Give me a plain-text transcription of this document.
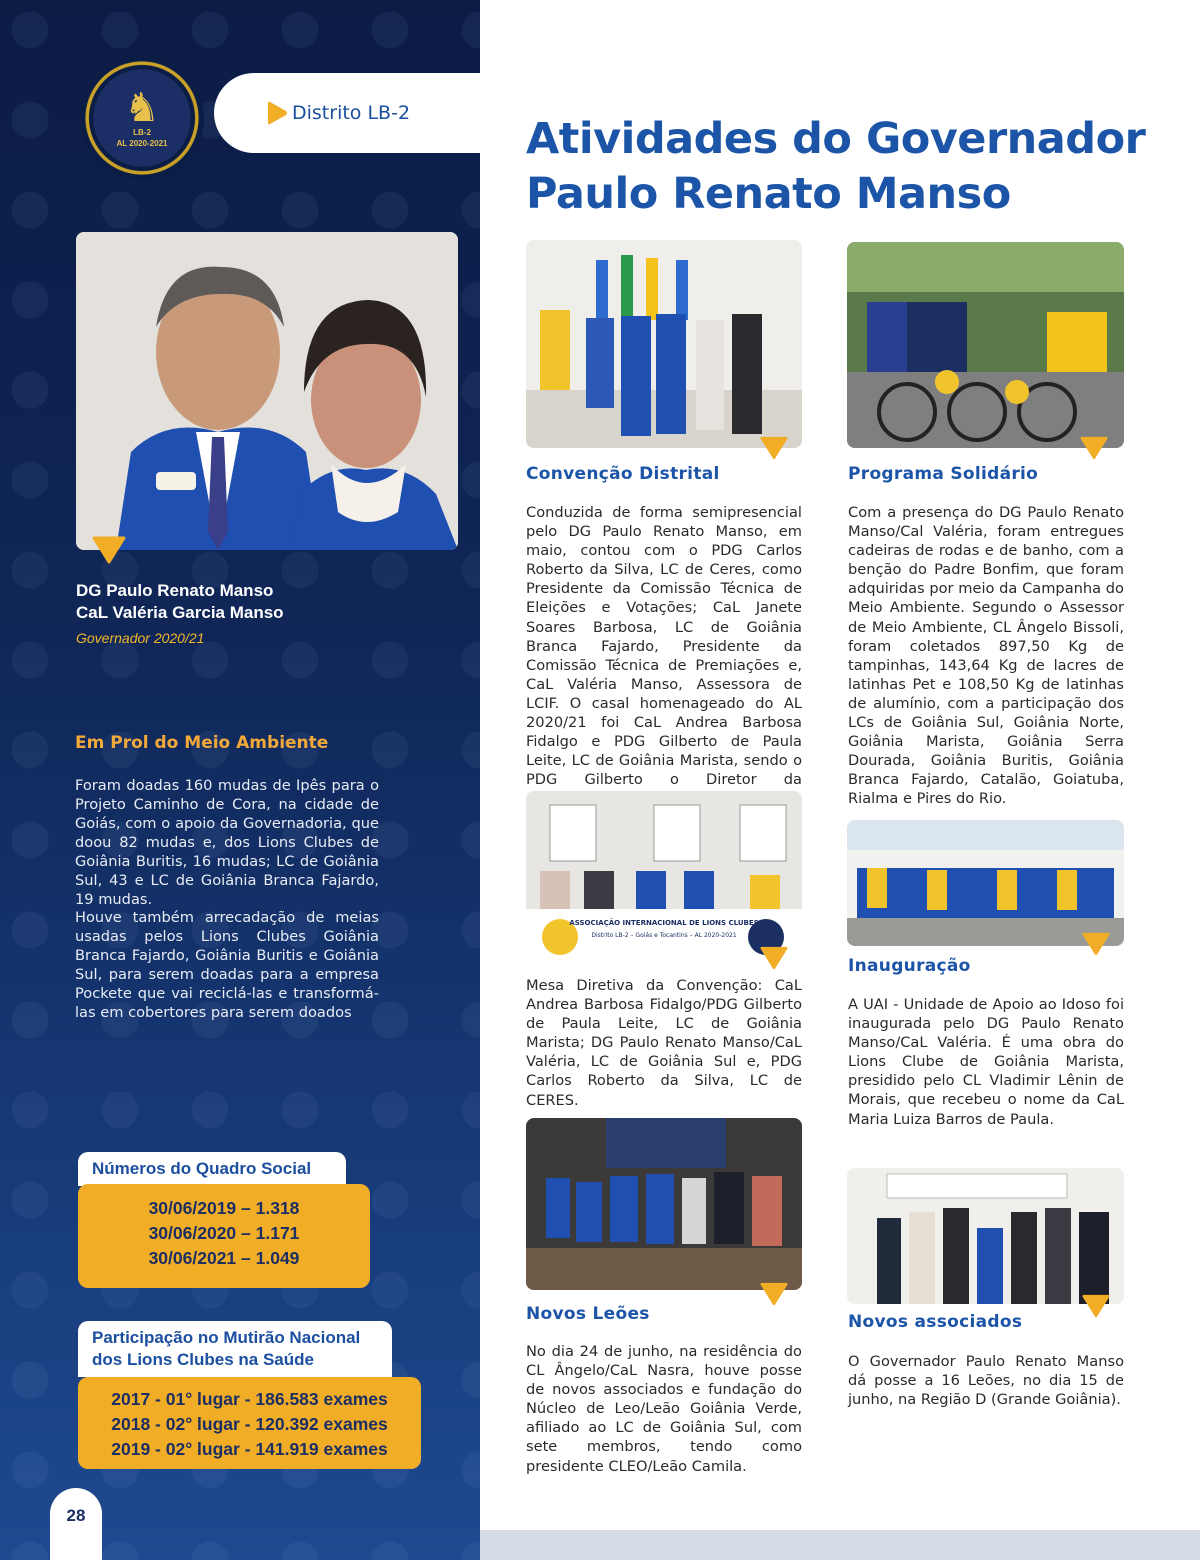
♞
LB-2
AL 2020-2021
DG Paulo Renato Manso
CaL Valéria Garcia Manso
Governador 2020/21
Em Prol do Meio Ambiente
Foram doadas 160 mudas de Ipês para o Projeto Caminho de Cora, na cidade de Goiás, com o apoio da Governadoria, que doou 82 mudas e, dos Lions Clubes de Goiânia Buritis, 16 mudas; LC de Goiânia Sul, 43 e LC de Goiânia Branca Fajardo, 19 mudas.
Houve também arrecadação de meias usadas pelos Lions Clubes Goiânia Branca Fajardo, Goiânia Buritis e Goiânia Sul, para serem doadas para a empresa Pockete que vai reciclá-las e transformá-las em cobertores para serem doados
Números do Quadro Social
30/06/2019 – 1.318
30/06/2020 – 1.171
30/06/2021 – 1.049
Participação no Mutirão Nacional
dos Lions Clubes na Saúde
2017 - 01° lugar - 186.583 exames
2018 - 02° lugar - 120.392 exames
2019 - 02° lugar - 141.919 exames
28
Distrito LB-2
Atividades do Governador
Paulo Renato Manso
Convenção Distrital
Conduzida de forma semipresencial pelo DG Paulo Renato Manso, em maio, contou com o PDG Carlos Roberto da Silva, LC de Ceres, como Presidente da Comissão Técnica de Eleições e Votações; CaL Janete Soares Barbosa, LC de Goiânia Branca Fajardo, Presidente da Comissão Técnica de Premiações e, CaL Valéria Manso, Assessora de LCIF. O casal homenageado do AL 2020/21 foi CaL Andrea Barbosa Fidalgo e PDG Gilberto de Paula Leite, LC de Goiânia Marista, sendo o PDG Gilberto o Diretor da
ASSOCIAÇÃO INTERNACIONAL DE LIONS CLUBES
Distrito LB-2 – Goiás e Tocantins – AL 2020-2021
Mesa Diretiva da Convenção: CaL Andrea Barbosa Fidalgo/PDG Gilberto de Paula Leite, LC de Goiânia Marista; DG Paulo Renato Manso/CaL Valéria, LC de Goiânia Sul e, PDG Carlos Roberto da Silva, LC de CERES.
Novos Leões
No dia 24 de junho, na residência do CL Ângelo/CaL Nasra, houve posse de novos associados e fundação do Núcleo de Leo/Leão Goiânia Verde, afiliado ao LC de Goiânia Sul, com sete membros, tendo como presidente CLEO/Leão Camila.
Programa Solidário
Com a presença do DG Paulo Renato Manso/Cal Valéria, foram entregues cadeiras de rodas e de banho, com a benção do Padre Bonfim, que foram adquiridas por meio da Campanha do Meio Ambiente. Segundo o Assessor de Meio Ambiente, CL Ângelo Bissoli, foram coletados 897,50 Kg de tampinhas, 143,64 Kg de lacres de latinhas Pet e 108,50 Kg de latinhas de alumínio, com a participação dos LCs de Goiânia Sul, Goiânia Norte, Goiânia Marista, Goiânia Serra Dourada, Goiânia Buritis, Goiânia Branca Fajardo, Catalão, Goiatuba, Rialma e Pires do Rio.
Inauguração
A UAI - Unidade de Apoio ao Idoso foi inaugurada pelo DG Paulo Renato Manso/CaL Valéria. É uma obra do Lions Clube de Goiânia Marista, presidido pelo CL Vladimir Lênin de Morais, que recebeu o nome da CaL Maria Luiza Barros de Paula.
Novos associados
O Governador Paulo Renato Manso dá posse a 16 Leões, no dia 15 de junho, na Região D (Grande Goiânia).
